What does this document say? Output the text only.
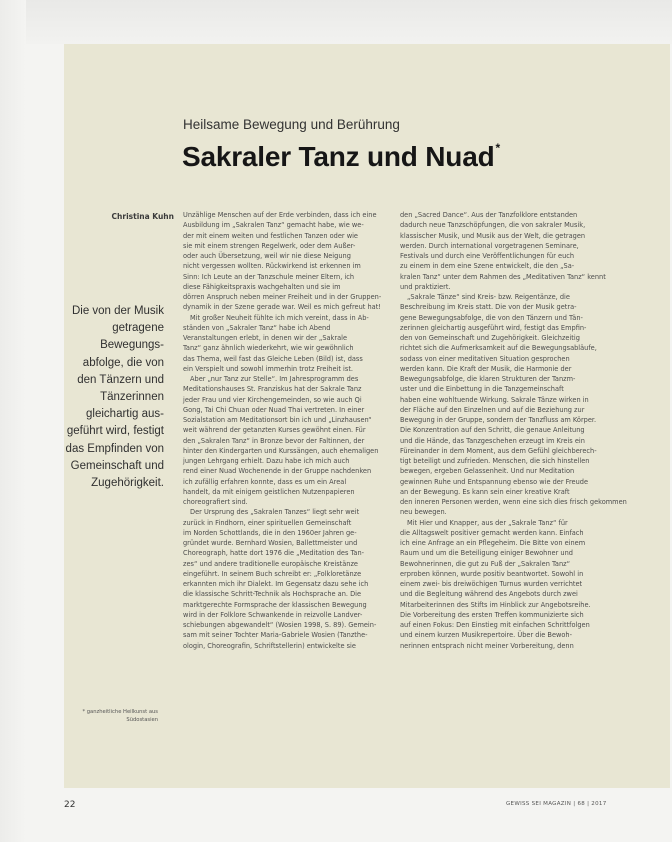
Heilsame Bewegung und Berührung
Sakraler Tanz und Nuad*
Christina Kuhn
Die von der Musik getragene Bewegungs-abfolge, die von den Tänzern und Tänzerinnen gleichartig aus-geführt wird, festigt das Empfinden von Gemeinschaft und Zugehörigkeit.
* ganzheitliche Heilkunst aus Südostasien
Unzählige Menschen auf der Erde verbinden, dass ich eine
Ausbildung im „Sakralen Tanz“ gemacht habe, wie we-
der mit einem weiten und festlichen Tanzen oder wie
sie mit einem strengen Regelwerk, oder dem Außer-
oder auch Übersetzung, weil wir nie diese Neigung
nicht vergessen wollten. Rückwirkend ist erkennen im
Sinn: Ich Leute an der Tanzschule meiner Eltern, ich
diese Fähigkeitspraxis wachgehalten und sie im
dörren Anspruch neben meiner Freiheit und in der Gruppen-
dynamik in der Szene gerade war. Weil es mich gefreut hat!
Mit großer Neuheit fühlte ich mich vereint, dass in Ab-
ständen von „Sakraler Tanz“ habe ich Abend
Veranstaltungen erlebt, in denen wir der „Sakrale
Tanz“ ganz ähnlich wiederkehrt, wie wir gewöhnlich
das Thema, weil fast das Gleiche Leben (Bild) ist, dass
ein Verspielt und sowohl immerhin trotz Freiheit ist.
Aber „nur Tanz zur Stelle“. Im Jahresprogramm des
Meditationshauses St. Franziskus hat der Sakrale Tanz
jeder Frau und vier Kirchengemeinden, so wie auch Qi
Gong, Tai Chi Chuan oder Nuad Thai vertreten. In einer
Sozialstation am Meditationsort bin ich und „Linzhausen“
weit während der getanzten Kurses gewöhnt einen. Für
den „Sakralen Tanz“ in Bronze bevor der Faltinnen, der
hinter den Kindergarten und Kurssängen, auch ehemaligen
jungen Lehrgang erhielt. Dazu habe ich mich auch
rend einer Nuad Wochenende in der Gruppe nachdenken
ich zufällig erfahren konnte, dass es um ein Areal
handelt, da mit einigem geistlichen Nutzenpapieren
choreografiert sind.
Der Ursprung des „Sakralen Tanzes“ liegt sehr weit
zurück in Findhorn, einer spirituellen Gemeinschaft
im Norden Schottlands, die in den 1960er Jahren ge-
gründet wurde. Bernhard Wosien, Ballettmeister und
Choreograph, hatte dort 1976 die „Meditation des Tan-
zes“ und andere traditionelle europäische Kreistänze
eingeführt. In seinem Buch schreibt er: „Folkloretänze
erkannten mich ihr Dialekt. Im Gegensatz dazu sehe ich
die klassische Schritt-Technik als Hochsprache an. Die
marktgerechte Formsprache der klassischen Bewegung
wird in der Folklore Schwankende in reizvolle Landver-
schiebungen abgewandelt“ (Wosien 1998, S. 89). Gemein-
sam mit seiner Tochter Maria-Gabriele Wosien (Tanzthe-
ologin, Choreografin, Schriftstellerin) entwickelte sie
den „Sacred Dance“. Aus der Tanzfolklore entstanden
dadurch neue Tanzschöpfungen, die von sakraler Musik,
klassischer Musik, und Musik aus der Welt, die getragen
werden. Durch international vorgetragenen Seminare,
Festivals und durch eine Veröffentlichungen für euch
zu einem in dem eine Szene entwickelt, die den „Sa-
kralen Tanz“ unter dem Rahmen des „Meditativen Tanz“ kennt
und praktiziert.
„Sakrale Tänze“ sind Kreis- bzw. Reigentänze, die
Beschreibung im Kreis statt. Die von der Musik getra-
gene Bewegungsabfolge, die von den Tänzern und Tän-
zerinnen gleichartig ausgeführt wird, festigt das Empfin-
den von Gemeinschaft und Zugehörigkeit. Gleichzeitig
richtet sich die Aufmerksamkeit auf die Bewegungsabläufe,
sodass von einer meditativen Situation gesprochen
werden kann. Die Kraft der Musik, die Harmonie der
Bewegungsabfolge, die klaren Strukturen der Tanzm-
uster und die Einbettung in die Tanzgemeinschaft
haben eine wohltuende Wirkung. Sakrale Tänze wirken in
der Fläche auf den Einzelnen und auf die Beziehung zur
Bewegung in der Gruppe, sondern der Tanzfluss am Körper.
Die Konzentration auf den Schritt, die genaue Anleitung
und die Hände, das Tanzgeschehen erzeugt im Kreis ein
Füreinander in dem Moment, aus dem Gefühl gleichberech-
tigt beteiligt und zufrieden. Menschen, die sich hinstellen
bewegen, ergeben Gelassenheit. Und nur Meditation
gewinnen Ruhe und Entspannung ebenso wie der Freude
an der Bewegung. Es kann sein einer kreative Kraft
den inneren Personen werden, wenn eine sich dies frisch gekommen
neu bewegen.
Mit Hier und Knapper, aus der „Sakrale Tanz“ für
die Alltagswelt positiver gemacht werden kann. Einfach
ich eine Anfrage an ein Pflegeheim. Die Bitte von einem
Raum und um die Beteiligung einiger Bewohner und
Bewohnerinnen, die gut zu Fuß der „Sakralen Tanz“
erproben können, wurde positiv beantwortet. Sowohl in
einem zwei- bis dreiwöchigen Turnus wurden verrichtet
und die Begleitung während des Angebots durch zwei
Mitarbeiterinnen des Stifts im Hinblick zur Angebotsreihe.
Die Vorbereitung des ersten Treffen kommunizierte sich
auf einen Fokus: Den Einstieg mit einfachen Schrittfolgen
und einem kurzen Musikrepertoire. Über die Bewoh-
nerinnen entsprach nicht meiner Vorbereitung, denn
22	GEWISS SEI MAGAZIN | 68 | 2017
